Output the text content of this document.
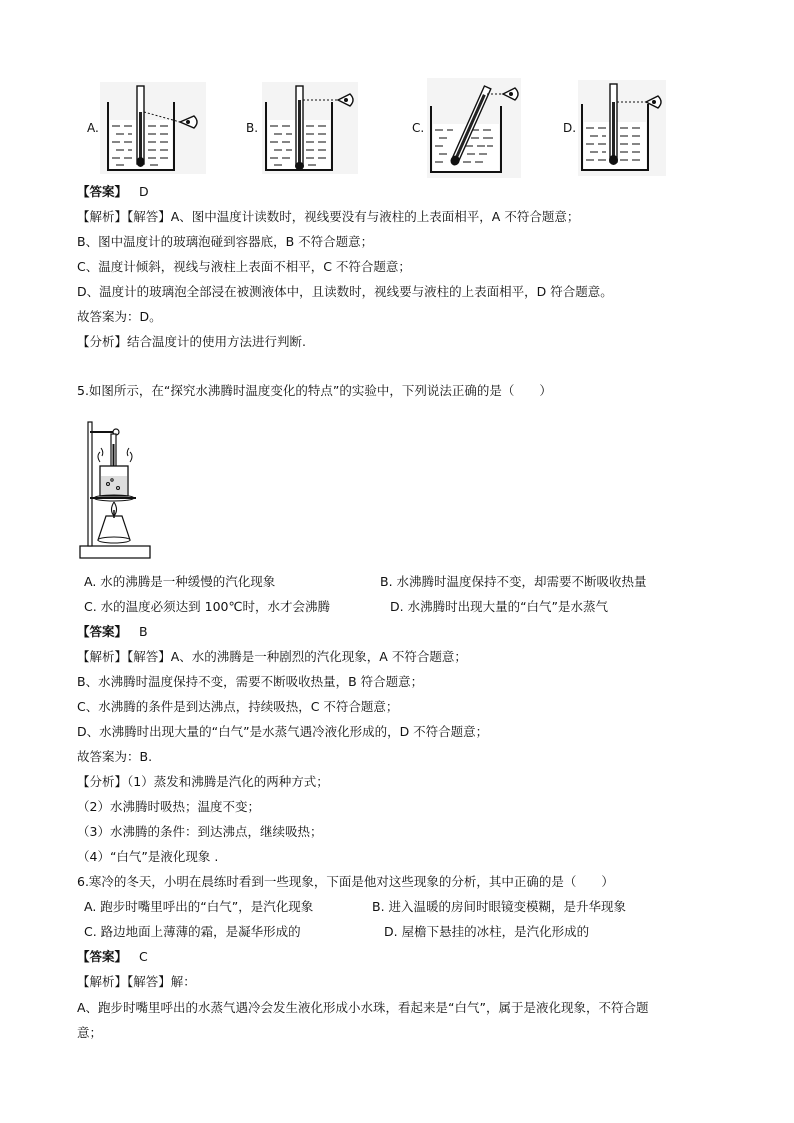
A.	B.	C.	D.
【答案】 D
【解析】【解答】A、图中温度计读数时，视线要没有与液柱的上表面相平，A 不符合题意；
B、图中温度计的玻璃泡碰到容器底，B 不符合题意；
C、温度计倾斜，视线与液柱上表面不相平，C 不符合题意；
D、温度计的玻璃泡全部浸在被测液体中，且读数时，视线要与液柱的上表面相平，D 符合题意。
故答案为：D。
【分析】结合温度计的使用方法进行判断.
5.如图所示，在“探究水沸腾时温度变化的特点”的实验中，下列说法正确的是（　　）
A. 水的沸腾是一种缓慢的汽化现象	B. 水沸腾时温度保持不变，却需要不断吸收热量
C. 水的温度必须达到 100℃时，水才会沸腾	D. 水沸腾时出现大量的“白气”是水蒸气
【答案】 B
【解析】【解答】A、水的沸腾是一种剧烈的汽化现象，A 不符合题意；
B、水沸腾时温度保持不变，需要不断吸收热量，B 符合题意；
C、水沸腾的条件是到达沸点，持续吸热，C 不符合题意；
D、水沸腾时出现大量的“白气”是水蒸气遇冷液化形成的，D 不符合题意；
故答案为：B.
【分析】（1）蒸发和沸腾是汽化的两种方式；
（2）水沸腾时吸热；温度不变；
（3）水沸腾的条件：到达沸点，继续吸热；
（4）“白气”是液化现象 .
6.寒冷的冬天，小明在晨练时看到一些现象，下面是他对这些现象的分析，其中正确的是（　　）
A. 跑步时嘴里呼出的“白气”，是汽化现象	B. 进入温暖的房间时眼镜变模糊，是升华现象
C. 路边地面上薄薄的霜，是凝华形成的	D. 屋檐下悬挂的冰柱，是汽化形成的
【答案】 C
【解析】【解答】解：
A、跑步时嘴里呼出的水蒸气遇冷会发生液化形成小水珠，看起来是“白气”，属于是液化现象，不符合题
意；
